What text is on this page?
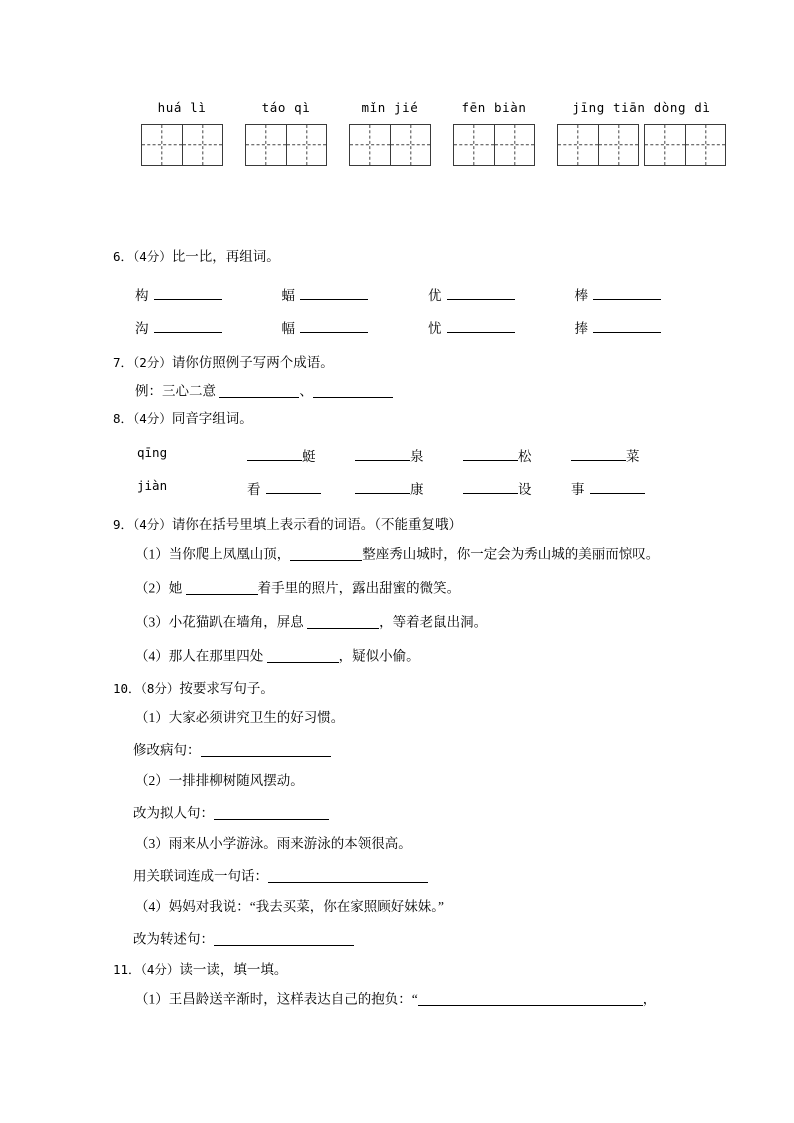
huá lì	táo qì	mǐn jié	fēn biàn	jīng tiān dòng dì
6．（4分）比一比，再组词。
构	蝠	优	棒
沟	幅	忧	捧
7．（2分）请你仿照例子写两个成语。
例：三心二意	、
8．（4分）同音字组词。
qīng	蜓	泉	松	菜
jiàn	看	康	设	事
9．（4分）请你在括号里填上表示看的词语。（不能重复哦）
（1）当你爬上凤凰山顶，	整座秀山城时，你一定会为秀山城的美丽而惊叹。
（2）她	着手里的照片，露出甜蜜的微笑。
（3）小花猫趴在墙角，屏息	，等着老鼠出洞。
（4）那人在那里四处	，疑似小偷。
10．（8分）按要求写句子。
（1）大家必须讲究卫生的好习惯。
修改病句：
（2）一排排柳树随风摆动。
改为拟人句：
（3）雨来从小学游泳。雨来游泳的本领很高。
用关联词连成一句话：
（4）妈妈对我说：“我去买菜，你在家照顾好妹妹。”
改为转述句：
11．（4分）读一读，填一填。
（1）王昌龄送辛渐时，这样表达自己的抱负：“	，
